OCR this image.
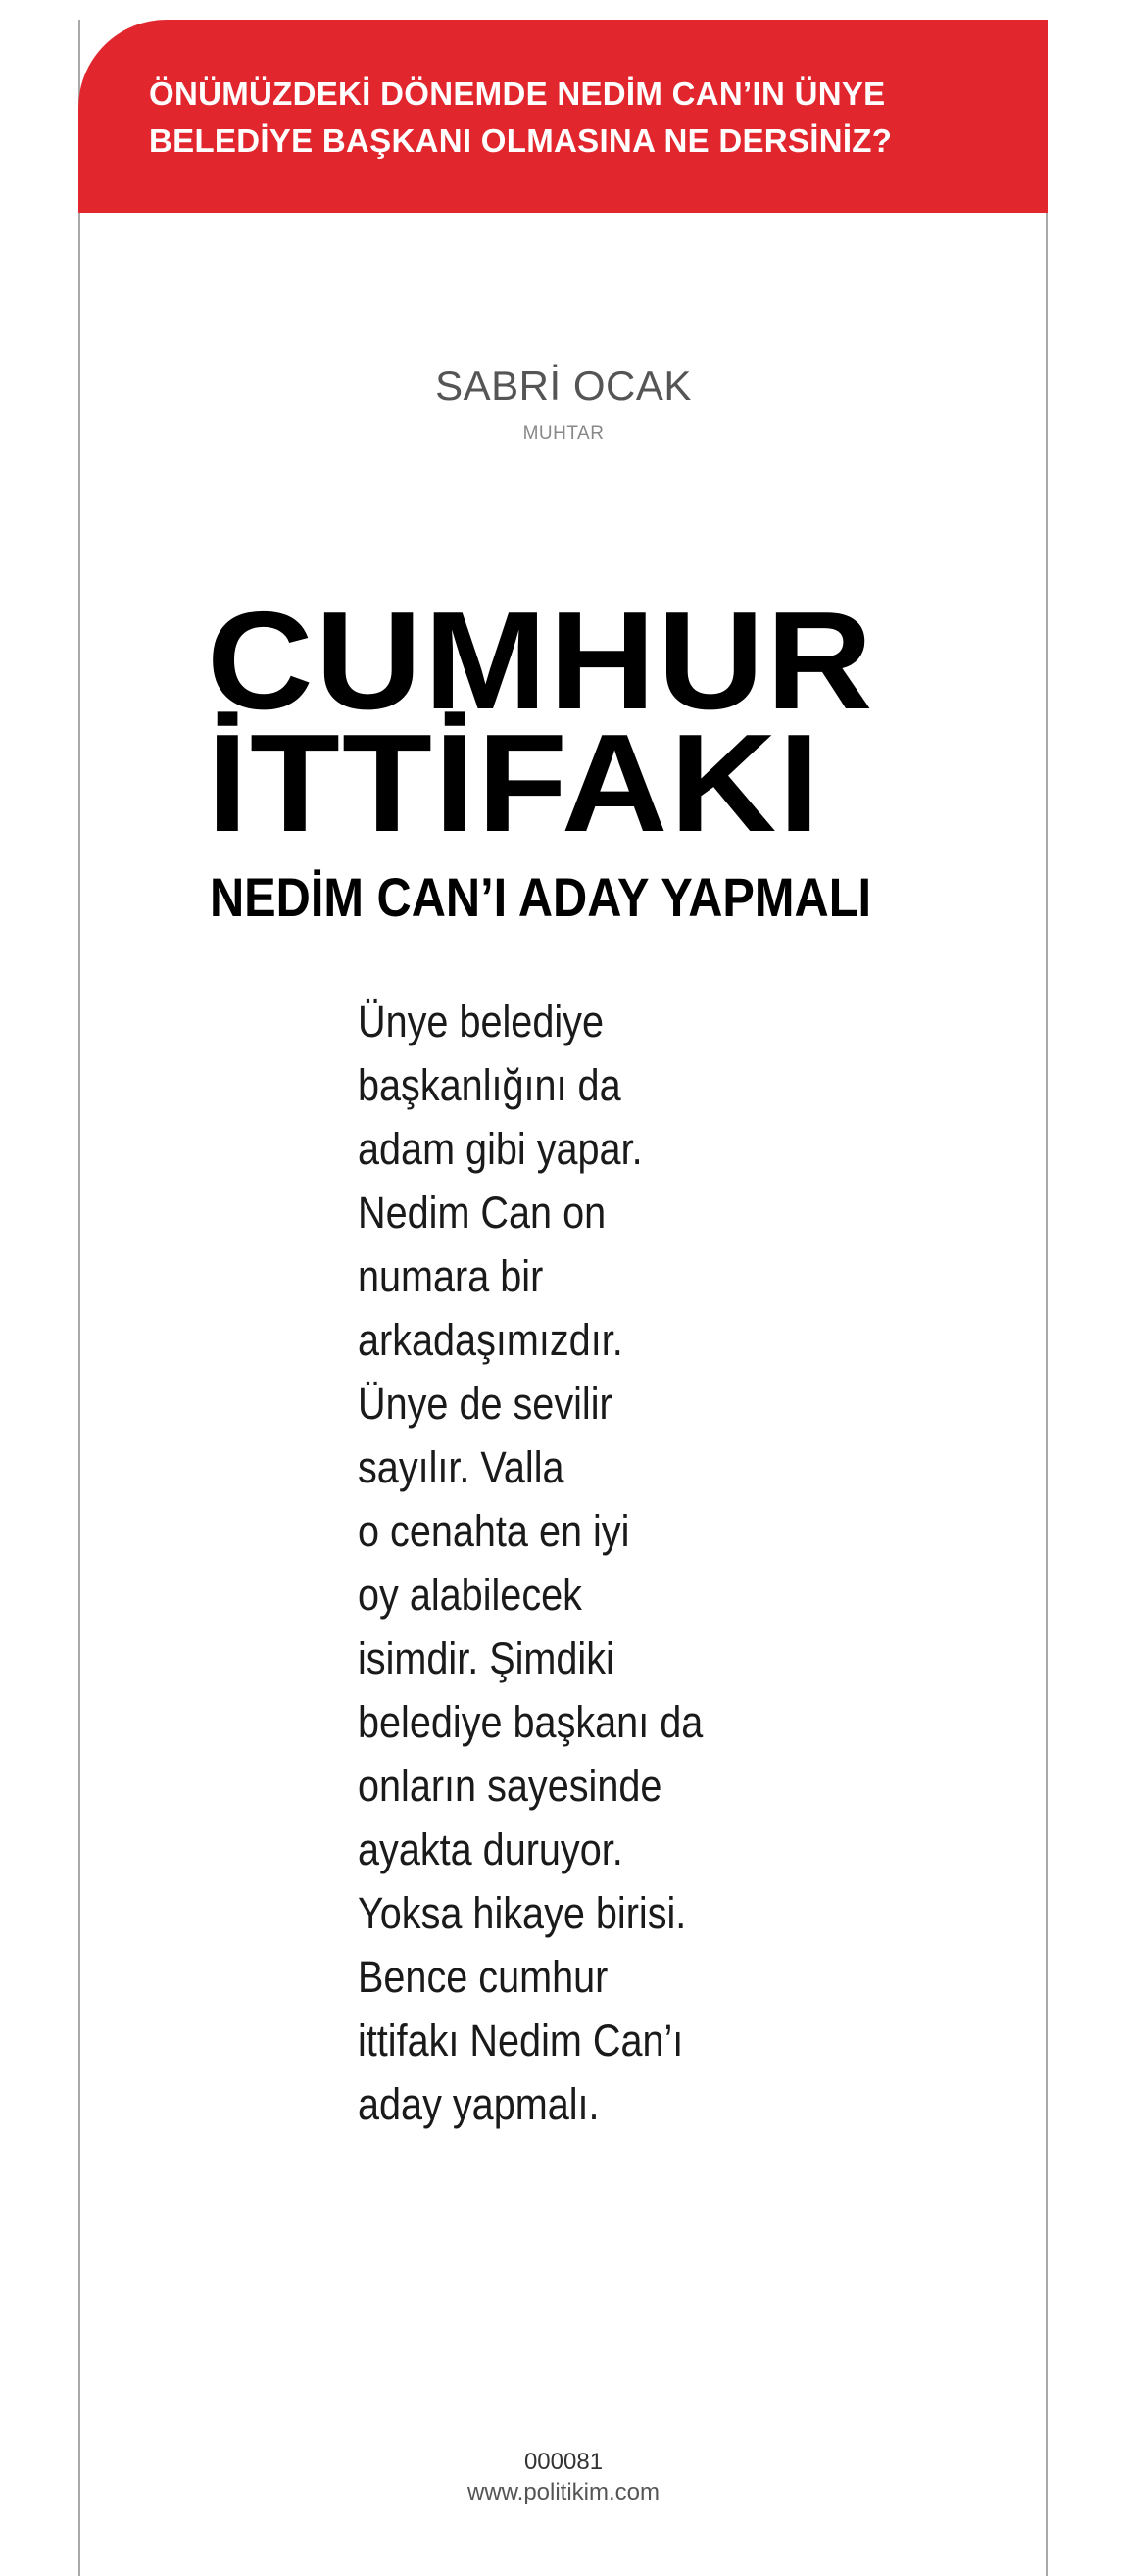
ÖNÜMÜZDEKİ DÖNEMDE NEDİM CAN’IN ÜNYE
BELEDİYE BAŞKANI OLMASINA NE DERSİNİZ?
SABRİ OCAK
MUHTAR
CUMHUR
İTTİFAKI
NEDİM CAN’I ADAY YAPMALI
Ünye belediye
başkanlığını da
adam gibi yapar.
Nedim Can on
numara bir
arkadaşımızdır.
Ünye de sevilir
sayılır. Valla
o cenahta en iyi
oy alabilecek
isimdir. Şimdiki
belediye başkanı da
onların sayesinde
ayakta duruyor.
Yoksa hikaye birisi.
Bence cumhur
ittifakı Nedim Can’ı
aday yapmalı.
000081
www.politikim.com
